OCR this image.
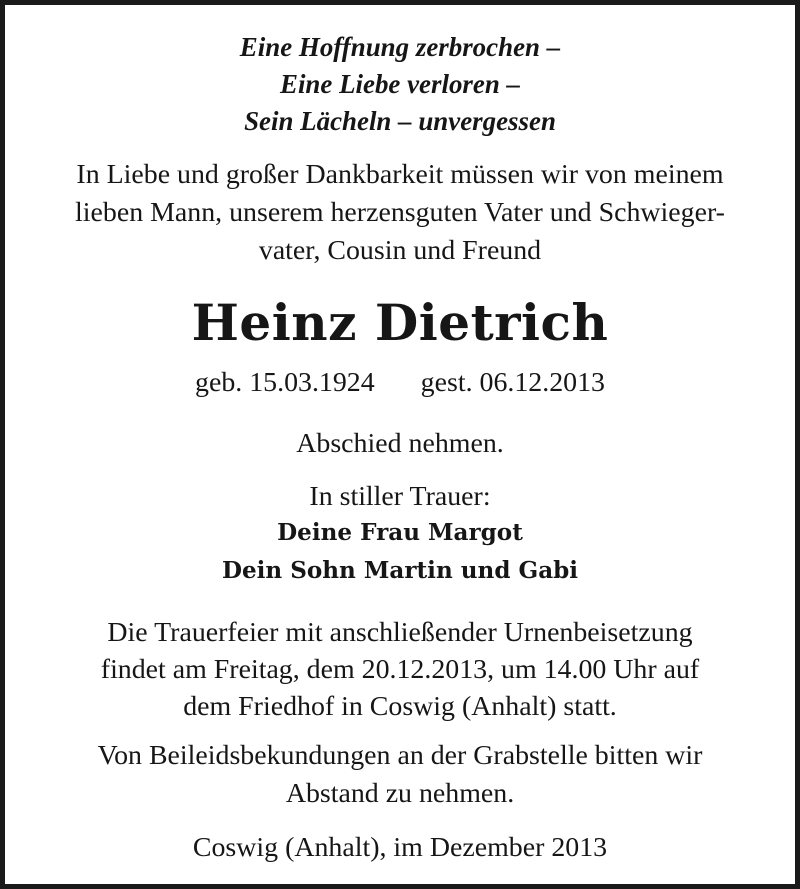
Eine Hoffnung zerbrochen –

Eine Liebe verloren –

Sein Lächeln – unvergessen

In Liebe und großer Dankbarkeit müssen wir von meinem

lieben Mann, unserem herzensguten Vater und Schwieger-

vater, Cousin und Freund

Heinz Dietrich

geb. 15.03.1924 gest. 06.12.2013

Abschied nehmen.

In stiller Trauer:

Deine Frau Margot

Dein Sohn Martin und Gabi

Die Trauerfeier mit anschließender Urnenbeisetzung

findet am Freitag, dem 20.12.2013, um 14.00 Uhr auf

dem Friedhof in Coswig (Anhalt) statt.

Von Beileidsbekundungen an der Grabstelle bitten wir

Abstand zu nehmen.

Coswig (Anhalt), im Dezember 2013
